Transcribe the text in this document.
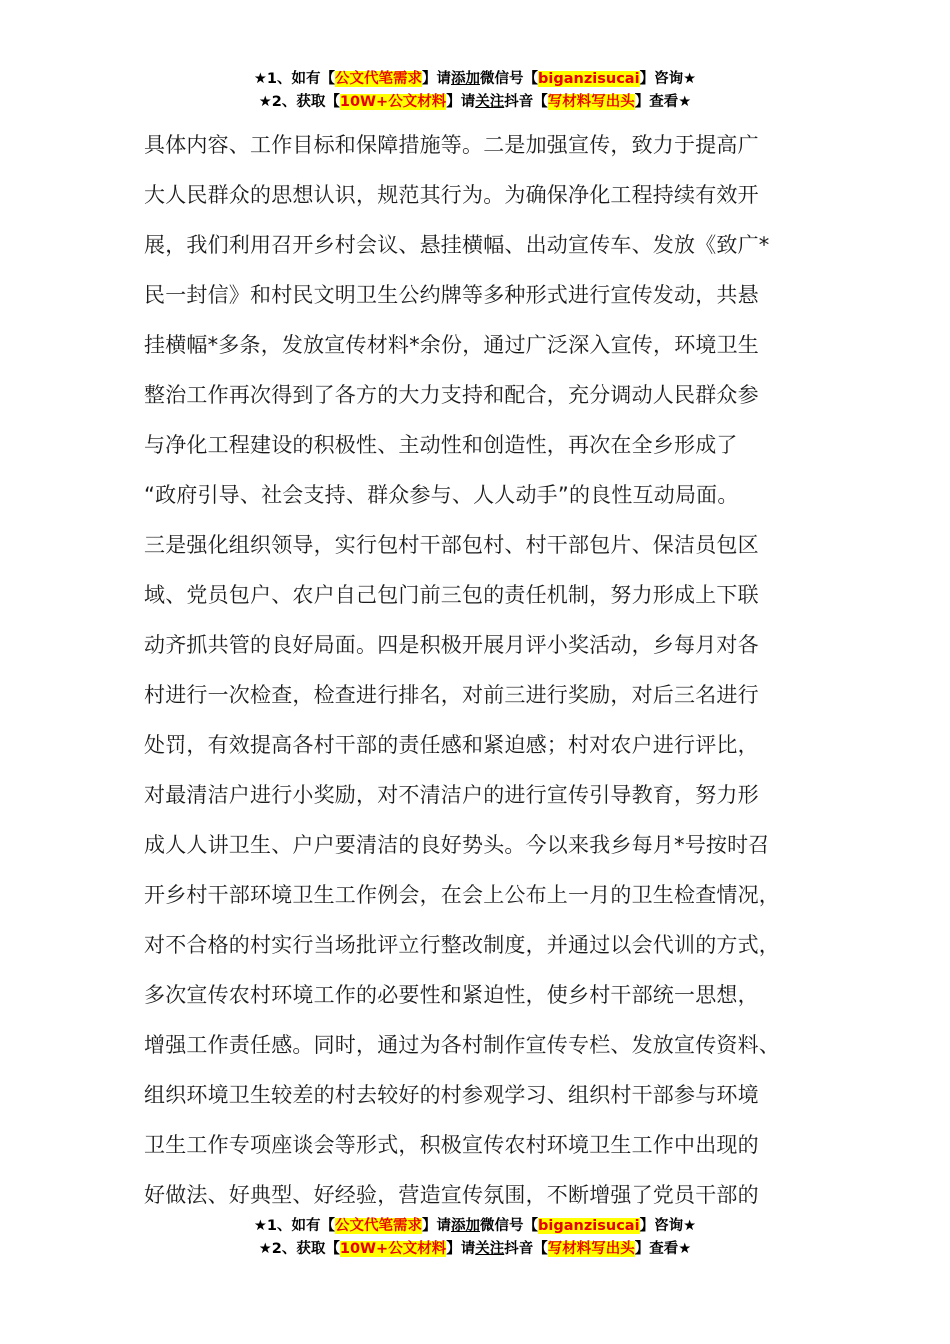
★1、如有【公文代笔需求】请添加微信号【biganzisucai】咨询★
★2、获取【10W+公文材料】请关注抖音【写材料写出头】查看★
具体内容、工作目标和保障措施等。二是加强宣传，致力于提高广
大人民群众的思想认识，规范其行为。为确保净化工程持续有效开
展，我们利用召开乡村会议、悬挂横幅、出动宣传车、发放《致广*
民一封信》和村民文明卫生公约牌等多种形式进行宣传发动，共悬
挂横幅*多条，发放宣传材料*余份，通过广泛深入宣传，环境卫生
整治工作再次得到了各方的大力支持和配合，充分调动人民群众参
与净化工程建设的积极性、主动性和创造性，再次在全乡形成了
“政府引导、社会支持、群众参与、人人动手”的良性互动局面。
三是强化组织领导，实行包村干部包村、村干部包片、保洁员包区
域、党员包户、农户自己包门前三包的责任机制，努力形成上下联
动齐抓共管的良好局面。四是积极开展月评小奖活动，乡每月对各
村进行一次检查，检查进行排名，对前三进行奖励，对后三名进行
处罚，有效提高各村干部的责任感和紧迫感；村对农户进行评比，
对最清洁户进行小奖励，对不清洁户的进行宣传引导教育，努力形
成人人讲卫生、户户要清洁的良好势头。今以来我乡每月*号按时召
开乡村干部环境卫生工作例会，在会上公布上一月的卫生检查情况，
对不合格的村实行当场批评立行整改制度，并通过以会代训的方式，
多次宣传农村环境工作的必要性和紧迫性，使乡村干部统一思想，
增强工作责任感。同时，通过为各村制作宣传专栏、发放宣传资料、
组织环境卫生较差的村去较好的村参观学习、组织村干部参与环境
卫生工作专项座谈会等形式，积极宣传农村环境卫生工作中出现的
好做法、好典型、好经验，营造宣传氛围，不断增强了党员干部的
★1、如有【公文代笔需求】请添加微信号【biganzisucai】咨询★
★2、获取【10W+公文材料】请关注抖音【写材料写出头】查看★
